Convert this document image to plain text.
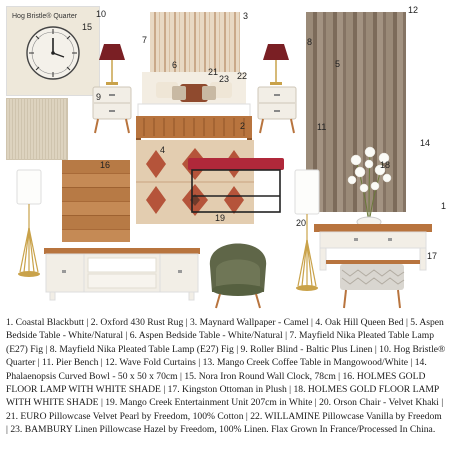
Hog Bristle® Quarter 10
15
3
12
7	8
6	5
21 22
23
9
2	11
4
14
16	18
1
19	20
17
1. Coastal Blackbutt | 2. Oxford 430 Rust Rug | 3. Maynard Wallpaper - Camel | 4. Oak Hill Queen Bed | 5. Aspen Bedside Table - White/Natural | 6. Aspen Bedside Table - White/Natural | 7. Mayfield Nika Pleated Table Lamp (E27) Fig | 8. Mayfield Nika Pleated Table Lamp (E27) Fig | 9. Roller Blind - Baltic Plus Linen | 10. Hog Bristle® Quarter | 11. Pier Bench | 12. Wave Fold Curtains | 13. Mango Creek Coffee Table in Mangowood/White | 14. Phalaenopsis Curved Bowl - 50 x 50 x 70cm | 15. Nora Iron Round Wall Clock, 78cm | 16. HOLMES GOLD FLOOR LAMP WITH WHITE SHADE | 17. Kingston Ottoman in Plush | 18. HOLMES GOLD FLOOR LAMP WITH WHITE SHADE | 19. Mango Creek Entertainment Unit 207cm in White | 20. Orson Chair - Velvet Khaki | 21. EURO Pillowcase Velvet Pearl by Freedom, 100% Cotton | 22. WILLAMINE Pillowcase Vanilla by Freedom | 23. BAMBURY Linen Pillowcase Hazel by Freedom, 100% Linen. Flax Grown In France/Processed In China.
